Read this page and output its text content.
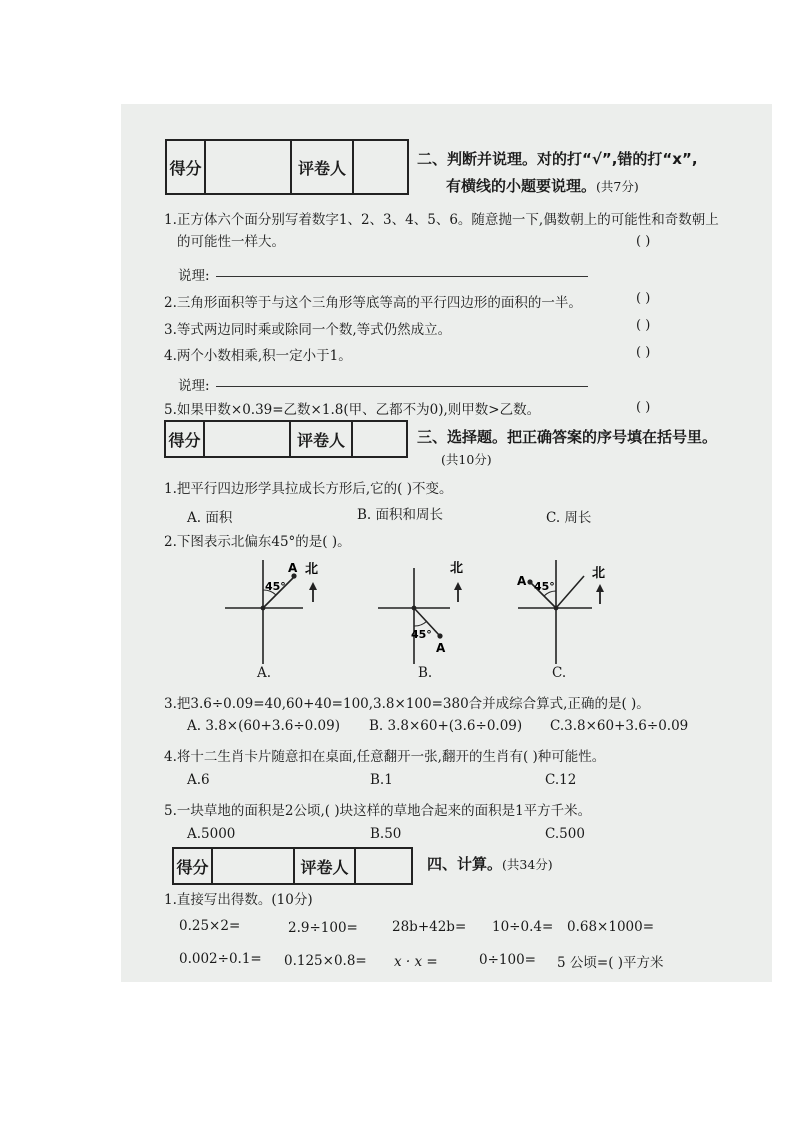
得分	评卷人	二、判断并说理。对的打“√”,错的打“x”,
有横线的小题要说理。(共7分)
1.正方体六个面分别写着数字1、2、3、4、5、6。随意抛一下,偶数朝上的可能性和奇数朝上
的可能性一样大。	( )
说理:
2.三角形面积等于与这个三角形等底等高的平行四边形的面积的一半。	( )
3.等式两边同时乘或除同一个数,等式仍然成立。	( )
4.两个小数相乘,积一定小于1。	( )
说理:
5.如果甲数×0.39=乙数×1.8(甲、乙都不为0),则甲数>乙数。	( )
得分	评卷人	三、选择题。把正确答案的序号填在括号里。
(共10分)
1.把平行四边形学具拉成长方形后,它的( )不变。
A. 面积	B. 面积和周长	C. 周长
2.下图表示北偏东45°的是( )。
45°
A 北
45°
A
北
A 45°
北
A.	B.	C.
3.把3.6÷0.09=40,60+40=100,3.8×100=380合并成综合算式,正确的是( )。
A. 3.8×(60+3.6÷0.09) B. 3.8×60+(3.6÷0.09) C.3.8×60+3.6÷0.09
4.将十二生肖卡片随意扣在桌面,任意翻开一张,翻开的生肖有( )种可能性。
A.6	B.1	C.12
5.一块草地的面积是2公顷,( )块这样的草地合起来的面积是1平方千米。
A.5000	B.50	C.500
得分	评卷人	四、计算。(共34分)
1.直接写出得数。(10分)
0.25×2=	2.9÷100=	28b+42b= 10÷0.4= 0.68×1000=
0.002÷0.1= 0.125×0.8= x · x =	0÷100= 5 公顷=( )平方米
